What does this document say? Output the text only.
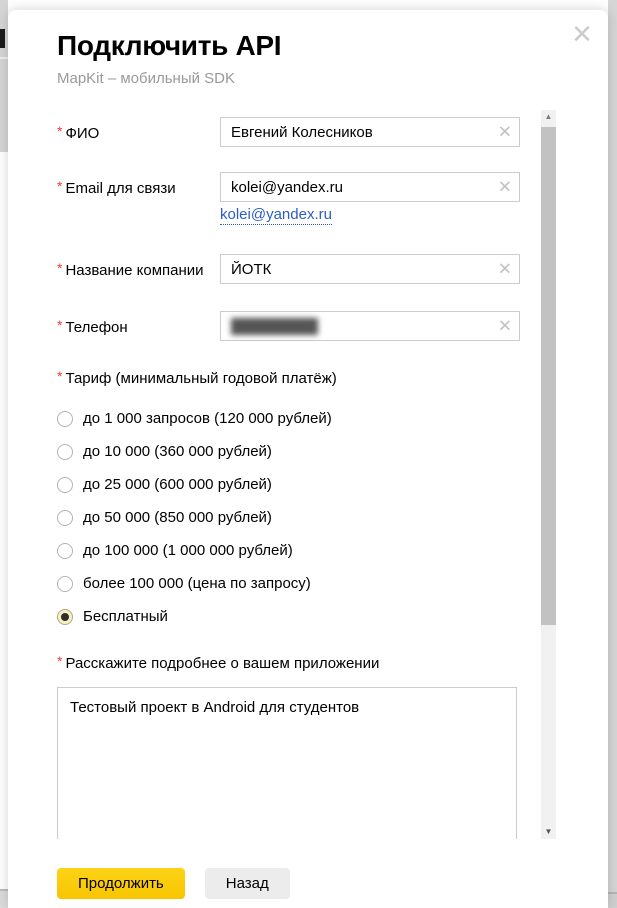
Подключить API
MapKit – мобильный SDK
✕
* ФИО	Евгений Колесников	✕
* Email для связи	kolei@yandex.ru	✕
kolei@yandex.ru
* Название компании	ЙОТК	✕
* Телефон	█████████	✕
* Тариф (минимальный годовой платёж)
до 1 000 запросов (120 000 рублей)
до 10 000 (360 000 рублей)
до 25 000 (600 000 рублей)
до 50 000 (850 000 рублей)
до 100 000 (1 000 000 рублей)
более 100 000 (цена по запросу)
Бесплатный
* Расскажите подробнее о вашем приложении
Тестовый проект в Android для студентов
▲
▼
Продолжить	Назад
